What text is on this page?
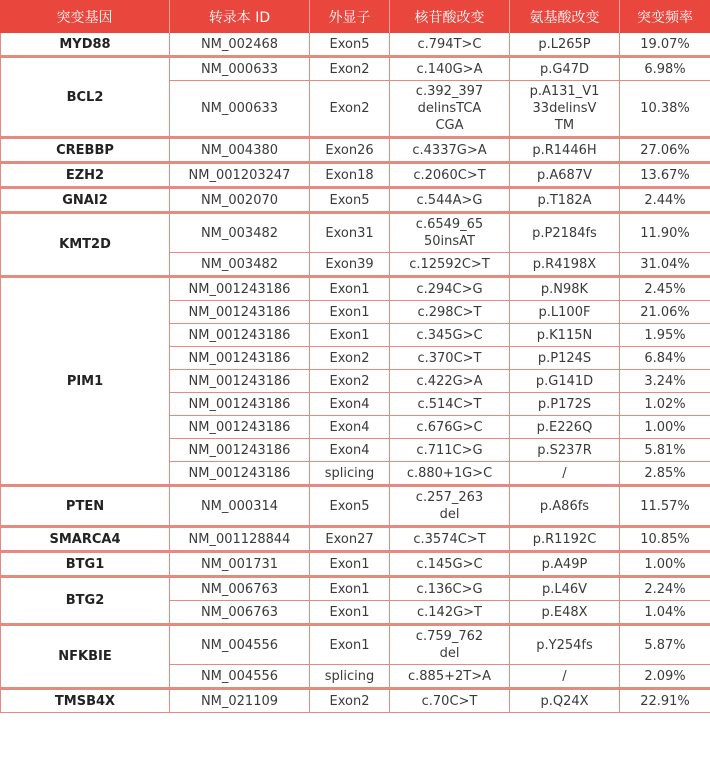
突变基因	转录本 ID	外显子	核苷酸改变	氨基酸改变	突变频率
MYD88	NM_002468	Exon5	c.794T>C	p.L265P	19.07%

BCL2	NM_000633	Exon2	c.140G>A	p.G47D	6.98%
	NM_000633	Exon2	c.392_397
delinsTCA
CGA	p.A131_V1
33delinsV
TM	10.38%

CREBBP	NM_004380	Exon26	c.4337G>A	p.R1446H	27.06%

EZH2	NM_001203247	Exon18	c.2060C>T	p.A687V	13.67%

GNAI2	NM_002070	Exon5	c.544A>G	p.T182A	2.44%

KMT2D	NM_003482	Exon31	c.6549_65
50insAT	p.P2184fs	11.90%
	NM_003482	Exon39	c.12592C>T	p.R4198X	31.04%

PIM1	NM_001243186	Exon1	c.294C>G	p.N98K	2.45%
	NM_001243186	Exon1	c.298C>T	p.L100F	21.06%
	NM_001243186	Exon1	c.345G>C	p.K115N	1.95%
	NM_001243186	Exon2	c.370C>T	p.P124S	6.84%
	NM_001243186	Exon2	c.422G>A	p.G141D	3.24%
	NM_001243186	Exon4	c.514C>T	p.P172S	1.02%
	NM_001243186	Exon4	c.676G>C	p.E226Q	1.00%
	NM_001243186	Exon4	c.711C>G	p.S237R	5.81%
	NM_001243186	splicing	c.880+1G>C	/	2.85%

PTEN	NM_000314	Exon5	c.257_263
del	p.A86fs	11.57%

SMARCA4	NM_001128844	Exon27	c.3574C>T	p.R1192C	10.85%

BTG1	NM_001731	Exon1	c.145G>C	p.A49P	1.00%

BTG2	NM_006763	Exon1	c.136C>G	p.L46V	2.24%
	NM_006763	Exon1	c.142G>T	p.E48X	1.04%

NFKBIE	NM_004556	Exon1	c.759_762
del	p.Y254fs	5.87%
	NM_004556	splicing	c.885+2T>A	/	2.09%

TMSB4X	NM_021109	Exon2	c.70C>T	p.Q24X	22.91%
